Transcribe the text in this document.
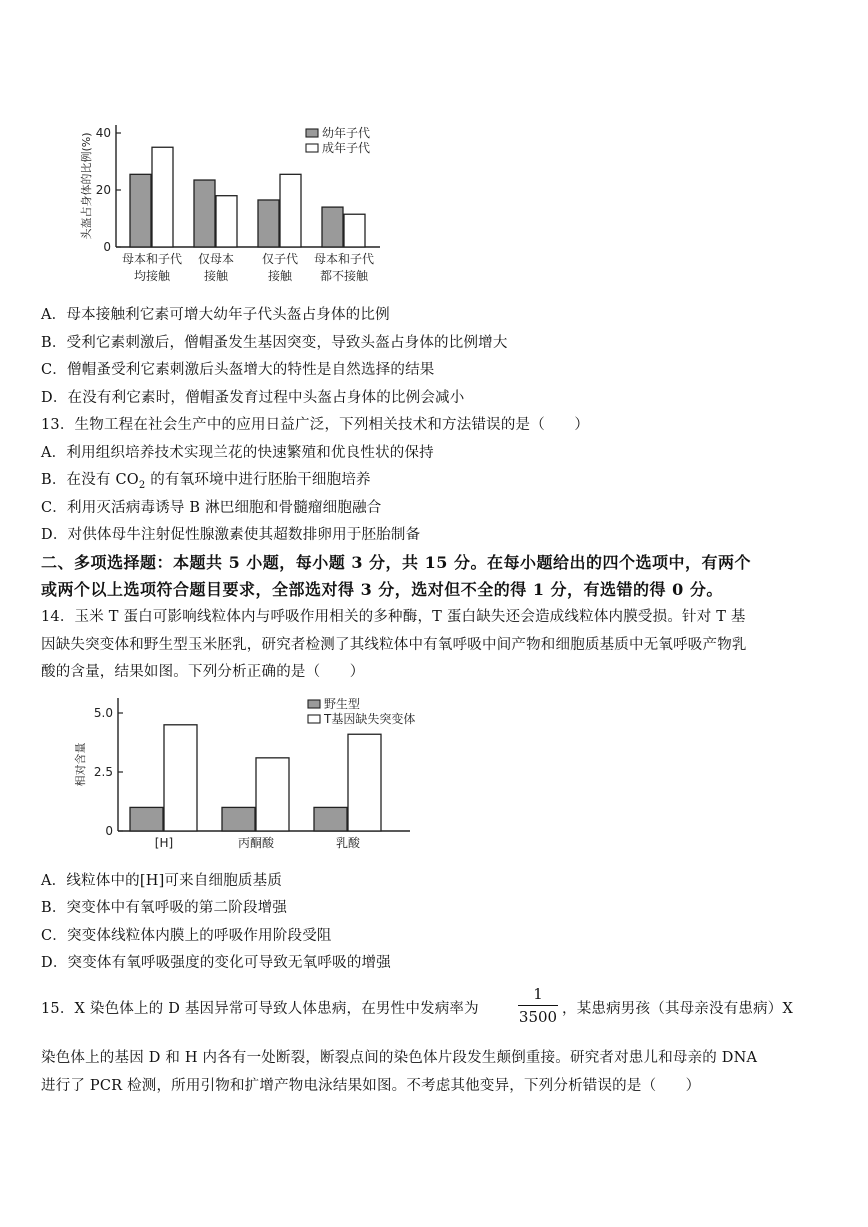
0
20
40
头盔占身体的比例(%)
母本和子代
均接触
仅母本
接触
仅子代
接触
母本和子代
都不接触
幼年子代
成年子代
A．母本接触利它素可增大幼年子代头盔占身体的比例
B．受利它素刺激后，僧帽蚤发生基因突变，导致头盔占身体的比例增大
C．僧帽蚤受利它素刺激后头盔增大的特性是自然选择的结果
D．在没有利它素时，僧帽蚤发育过程中头盔占身体的比例会减小
13．生物工程在社会生产中的应用日益广泛，下列相关技术和方法错误的是（　　）
A．利用组织培养技术实现兰花的快速繁殖和优良性状的保持
B．在没有 $CO_2$ 的有氧环境中进行胚胎干细胞培养
C．利用灭活病毒诱导 B 淋巴细胞和骨髓瘤细胞融合
D．对供体母牛注射促性腺激素使其超数排卵用于胚胎制备
二、多项选择题：本题共 5 小题，每小题 3 分，共 15 分。在每小题给出的四个选项中，有两个
或两个以上选项符合题目要求，全部选对得 3 分，选对但不全的得 1 分，有选错的得 0 分。
14．玉米 T 蛋白可影响线粒体内与呼吸作用相关的多种酶，T 蛋白缺失还会造成线粒体内膜受损。针对 T 基
因缺失突变体和野生型玉米胚乳，研究者检测了其线粒体中有氧呼吸中间产物和细胞质基质中无氧呼吸产物乳
酸的含量，结果如图。下列分析正确的是（　　）
0
2.5
5.0
相对含量
[H]	丙酮酸	乳酸
野生型
T基因缺失突变体
A．线粒体中的[H]可来自细胞质基质
B．突变体中有氧呼吸的第二阶段增强
C．突变体线粒体内膜上的呼吸作用阶段受阻
D．突变体有氧呼吸强度的变化可导致无氧呼吸的增强
15．X 染色体上的 D 基因异常可导致人体患病，在男性中发病率为
1
3500 ，某患病男孩（其母亲没有患病）X
染色体上的基因 D 和 H 内各有一处断裂，断裂点间的染色体片段发生颠倒重接。研究者对患儿和母亲的 DNA
进行了 PCR 检测，所用引物和扩增产物电泳结果如图。不考虑其他变异，下列分析错误的是（　　）
